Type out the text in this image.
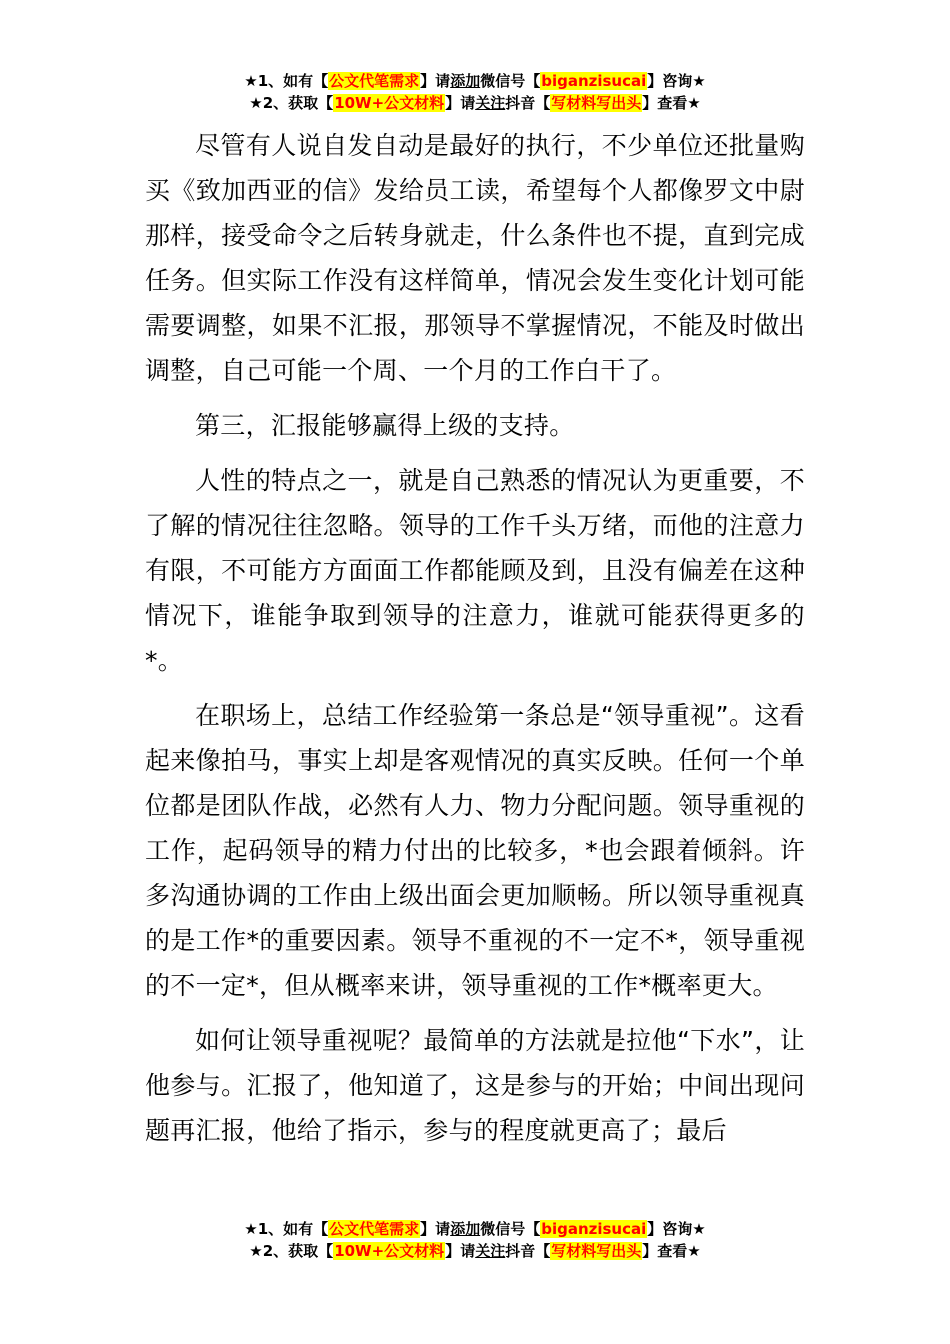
★1、如有【公文代笔需求】请添加微信号【biganzisucai】咨询★
★2、获取【10W+公文材料】请关注抖音【写材料写出头】查看★

尽管有人说自发自动是最好的执行，不少单位还批量购买《致加西亚的信》发给员工读，希望每个人都像罗文中尉那样，接受命令之后转身就走，什么条件也不提，直到完成任务。但实际工作没有这样简单，情况会发生变化计划可能需要调整，如果不汇报，那领导不掌握情况，不能及时做出调整，自己可能一个周、一个月的工作白干了。

第三，汇报能够赢得上级的支持。

人性的特点之一，就是自己熟悉的情况认为更重要，不了解的情况往往忽略。领导的工作千头万绪，而他的注意力有限，不可能方方面面工作都能顾及到，且没有偏差在这种情况下，谁能争取到领导的注意力，谁就可能获得更多的*。

在职场上，总结工作经验第一条总是“领导重视”。这看起来像拍马，事实上却是客观情况的真实反映。任何一个单位都是团队作战，必然有人力、物力分配问题。领导重视的工作，起码领导的精力付出的比较多，*也会跟着倾斜。许多沟通协调的工作由上级出面会更加顺畅。所以领导重视真的是工作*的重要因素。领导不重视的不一定不*，领导重视的不一定*，但从概率来讲，领导重视的工作*概率更大。

如何让领导重视呢？最简单的方法就是拉他“下水”，让他参与。汇报了，他知道了，这是参与的开始；中间出现问题再汇报，他给了指示，参与的程度就更高了；最后

★1、如有【公文代笔需求】请添加微信号【biganzisucai】咨询★
★2、获取【10W+公文材料】请关注抖音【写材料写出头】查看★
